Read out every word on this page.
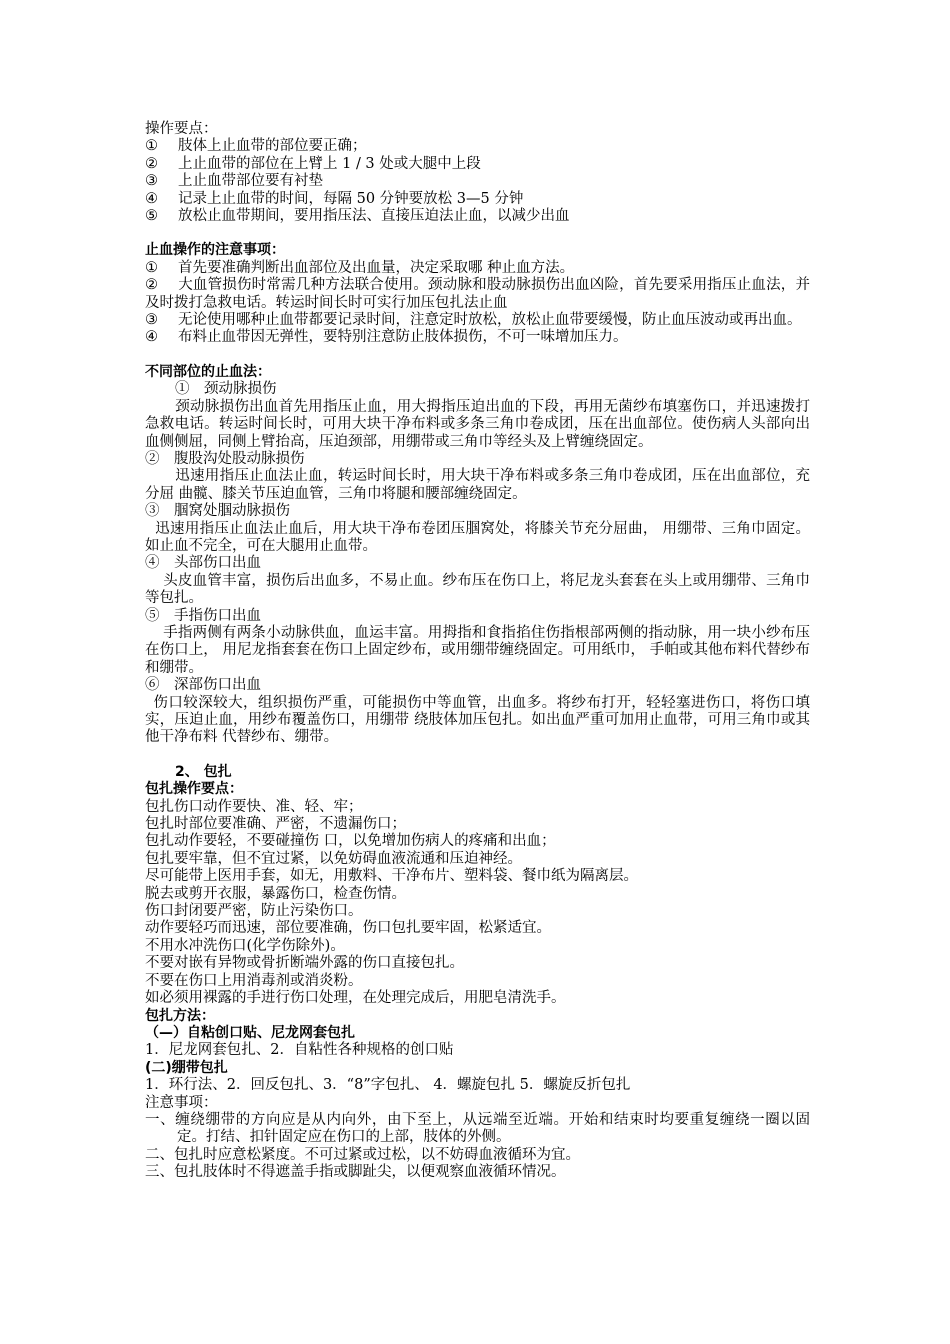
操作要点：
① 肢体上止血带的部位要正确；
② 上止血带的部位在上臂上 1 / 3 处或大腿中上段
③ 上止血带部位要有衬垫
④ 记录上止血带的时间，每隔 50 分钟要放松 3—5 分钟
⑤ 放松止血带期间，要用指压法、直接压迫法止血，以减少出血
止血操作的注意事项：
① 首先要准确判断出血部位及出血量，决定采取哪 种止血方法。
② 大血管损伤时常需几种方法联合使用。颈动脉和股动脉损伤出血凶险，首先要采用指压止血法，并及时拨打急救电话。转运时间长时可实行加压包扎法止血
③ 无论使用哪种止血带都要记录时间，注意定时放松，放松止血带要缓慢，防止血压波动或再出血。
④ 布料止血带因无弹性，要特别注意防止肢体损伤，不可一味增加压力。
不同部位的止血法：
①　颈动脉损伤
颈动脉损伤出血首先用指压止血，用大拇指压迫出血的下段，再用无菌纱布填塞伤口，并迅速拨打急救电话。转运时间长时，可用大块干净布料或多条三角巾卷成团，压在出血部位。使伤病人头部向出血侧侧屈，同侧上臂抬高，压迫颈部，用绷带或三角巾等经头及上臂缠绕固定。
②　腹股沟处股动脉损伤
迅速用指压止血法止血，转运时间长时，用大块干净布料或多条三角巾卷成团，压在出血部位，充分屈 曲髋、膝关节压迫血管，三角巾将腿和腰部缠绕固定。
③　腘窝处腘动脉损伤
迅速用指压止血法止血后，用大块干净布卷团压腘窝处，将膝关节充分屈曲， 用绷带、三角巾固定。如止血不完全，可在大腿用止血带。
④　头部伤口出血
头皮血管丰富，损伤后出血多，不易止血。纱布压在伤口上，将尼龙头套套在头上或用绷带、三角巾等包扎。
⑤　手指伤口出血
手指两侧有两条小动脉供血，血运丰富。用拇指和食指掐住伤指根部两侧的指动脉，用一块小纱布压在伤口上， 用尼龙指套套在伤口上固定纱布，或用绷带缠绕固定。可用纸巾， 手帕或其他布料代替纱布和绷带。
⑥　深部伤口出血
伤口较深较大，组织损伤严重，可能损伤中等血管，出血多。将纱布打开，轻轻塞进伤口，将伤口填实，压迫止血，用纱布覆盖伤口，用绷带 绕肢体加压包扎。如出血严重可加用止血带，可用三角巾或其他干净布料 代替纱布、绷带。
2、 包扎
包扎操作要点：
包扎伤口动作要快、准、轻、牢；
包扎时部位要准确、严密，不遗漏伤口；
包扎动作要轻，不要碰撞伤 口，以免增加伤病人的疼痛和出血；
包扎要牢靠，但不宜过紧，以免妨碍血液流通和压迫神经。
尽可能带上医用手套，如无，用敷料、干净布片、塑料袋、餐巾纸为隔离层。
脱去或剪开衣服，暴露伤口，检查伤情。
伤口封闭要严密，防止污染伤口。
动作要轻巧而迅速，部位要准确，伤口包扎要牢固，松紧适宜。
不用水冲洗伤口(化学伤除外)。
不要对嵌有异物或骨折断端外露的伤口直接包扎。
不要在伤口上用消毒剂或消炎粉。
如必须用裸露的手进行伤口处理，在处理完成后，用肥皂清洗手。
包扎方法：
（—）自粘创口贴、尼龙网套包扎
1．尼龙网套包扎、2．自粘性各种规格的创口贴
(二)绷带包扎
1．环行法、2．回反包扎、3．“8”字包扎、 4．螺旋包扎 5．螺旋反折包扎
注意事项：
一、缠绕绷带的方向应是从内向外，由下至上，从远端至近端。开始和结束时均要重复缠绕一圈以固定。打结、扣针固定应在伤口的上部，肢体的外侧。
二、包扎时应意松紧度。不可过紧或过松，以不妨碍血液循环为宜。
三、包扎肢体时不得遮盖手指或脚趾尖，以便观察血液循环情况。
